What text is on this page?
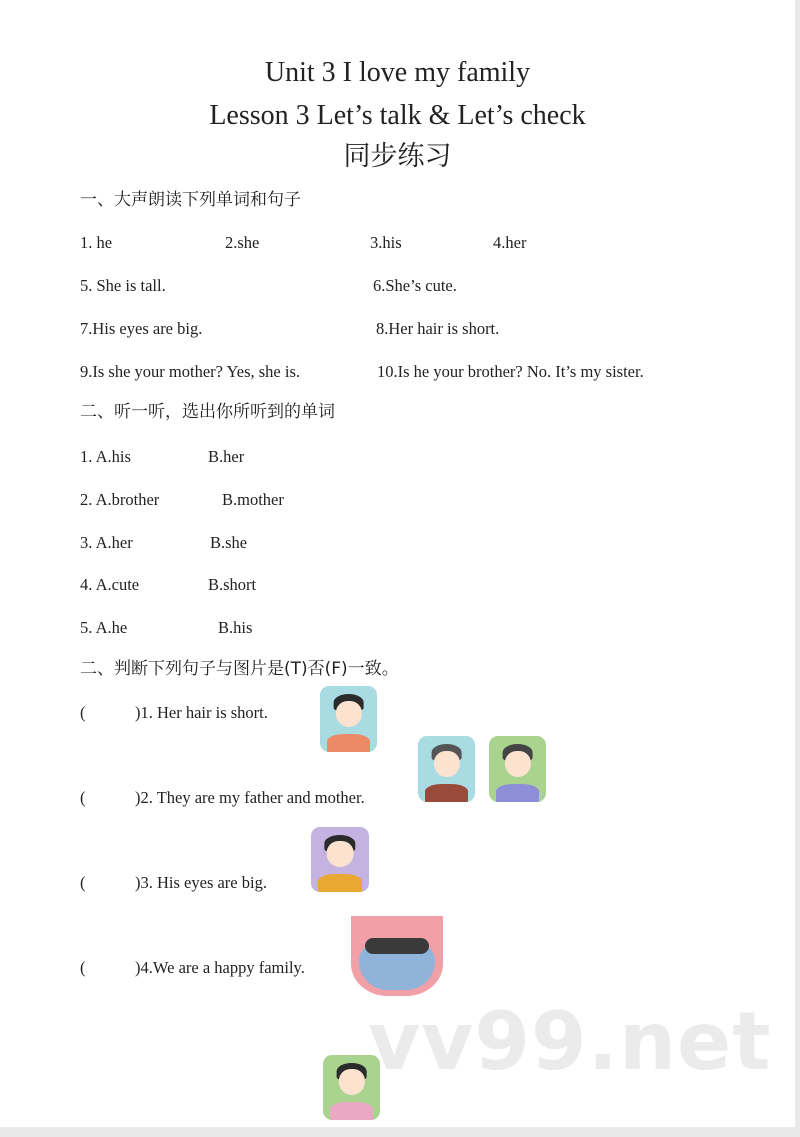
Unit 3 I love my family
Lesson 3 Let’s talk & Let’s check
同步练习
一、大声朗读下列单词和句子
1. he	2.she	3.his	4.her
5. She is tall.	6.She’s cute.
7.His eyes are big.	8.Her hair is short.
9.Is she your mother? Yes, she is.	10.Is he your brother? No. It’s my sister.
二、听一听，选出你所听到的单词
1. A.his	B.her
2. A.brother	B.mother
3. A.her	B.she
4. A.cute	B.short
5. A.he	B.his
二、判断下列句子与图片是(T)否(F)一致。
(	)1. Her hair is short.
(	)2. They are my father and mother.
(	)3. His eyes are big.
(	)4.We are a happy family.
vv99.net
